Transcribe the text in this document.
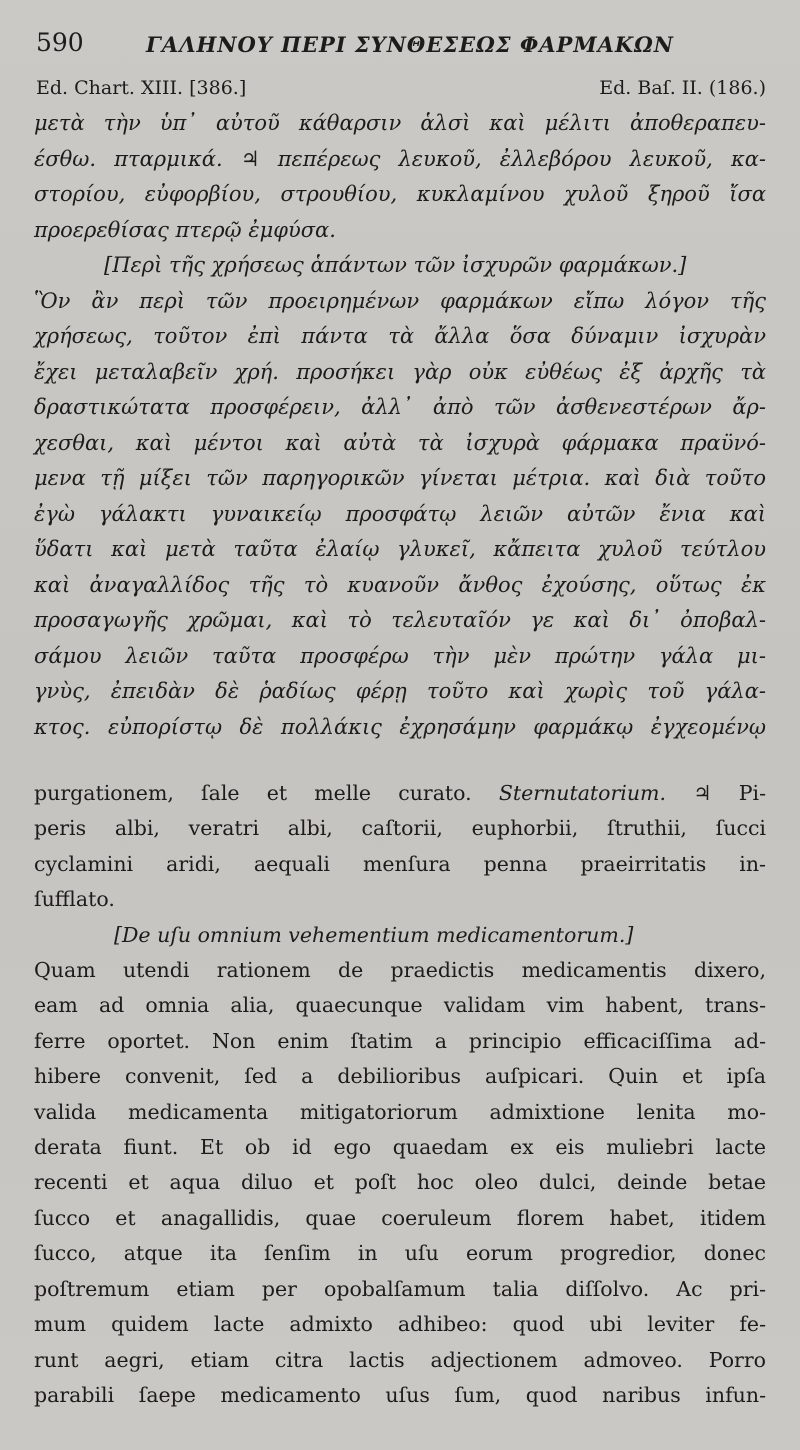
590	ΓΑΛΗΝΟΥ ΠΕΡΙ ΣΥΝΘΕΣΕΩΣ ΦΑΡΜΑΚΩΝ
Ed. Chart. XIII. [386.]	Ed. Baſ. II. (186.)
μετὰ τὴν ὑπ᾽ αὐτοῦ κάθαρσιν ἁλσὶ καὶ μέλιτι ἀποθεραπευ-
έσθω. πταρμικά. ♃ πεπέρεως λευκοῦ, ἐλλεβόρου λευκοῦ, κα-
στορίου, εὐφορβίου, στρουθίου, κυκλαμίνου χυλοῦ ξηροῦ ἴσα
προερεθίσας πτερῷ ἐμφύσα.
[Περὶ τῆς χρήσεως ἁπάντων τῶν ἰσχυρῶν φαρμάκων.]
Ὃν ἂν περὶ τῶν προειρημένων φαρμάκων εἴπω λόγον τῆς
χρήσεως, τοῦτον ἐπὶ πάντα τὰ ἄλλα ὅσα δύναμιν ἰσχυρὰν
ἔχει μεταλαβεῖν χρή. προσήκει γὰρ οὐκ εὐθέως ἐξ ἀρχῆς τὰ
δραστικώτατα προσφέρειν, ἀλλ᾽ ἀπὸ τῶν ἀσθενεστέρων ἄρ-
χεσθαι, καὶ μέντοι καὶ αὐτὰ τὰ ἰσχυρὰ φάρμακα πραϋνό-
μενα τῇ μίξει τῶν παρηγορικῶν γίνεται μέτρια. καὶ διὰ τοῦτο
ἐγὼ γάλακτι γυναικείῳ προσφάτῳ λειῶν αὐτῶν ἔνια καὶ
ὕδατι καὶ μετὰ ταῦτα ἐλαίῳ γλυκεῖ, κἄπειτα χυλοῦ τεύτλου
καὶ ἀναγαλλίδος τῆς τὸ κυανοῦν ἄνθος ἐχούσης, οὕτως ἐκ
προσαγωγῆς χρῶμαι, καὶ τὸ τελευταῖόν γε καὶ δι᾽ ὀποβαλ-
σάμου λειῶν ταῦτα προσφέρω τὴν μὲν πρώτην γάλα μι-
γνὺς, ἐπειδὰν δὲ ῥαδίως φέρῃ τοῦτο καὶ χωρὶς τοῦ γάλα-
κτος. εὐπορίστῳ δὲ πολλάκις ἐχρησάμην φαρμάκῳ ἐγχεομένῳ
purgationem, ſale et melle curato. Sternutatorium. ♃ Pi-
peris albi, veratri albi, caſtorii, euphorbii, ſtruthii, ſucci
cyclamini aridi, aequali menſura penna praeirritatis in-
ſufflato.
[De uſu omnium vehementium medicamentorum.]
Quam utendi rationem de praedictis medicamentis dixero,
eam ad omnia alia, quaecunque validam vim habent, trans-
ferre oportet. Non enim ſtatim a principio efficaciſſima ad-
hibere convenit, ſed a debilioribus auſpicari. Quin et ipſa
valida medicamenta mitigatoriorum admixtione lenita mo-
derata fiunt. Et ob id ego quaedam ex eis muliebri lacte
recenti et aqua diluo et poſt hoc oleo dulci, deinde betae
ſucco et anagallidis, quae coeruleum florem habet, itidem
ſucco, atque ita ſenſim in uſu eorum progredior, donec
poſtremum etiam per opobalſamum talia diſſolvo. Ac pri-
mum quidem lacte admixto adhibeo: quod ubi leviter fe-
runt aegri, etiam citra lactis adjectionem admoveo. Porro
parabili ſaepe medicamento uſus ſum, quod naribus infun-
